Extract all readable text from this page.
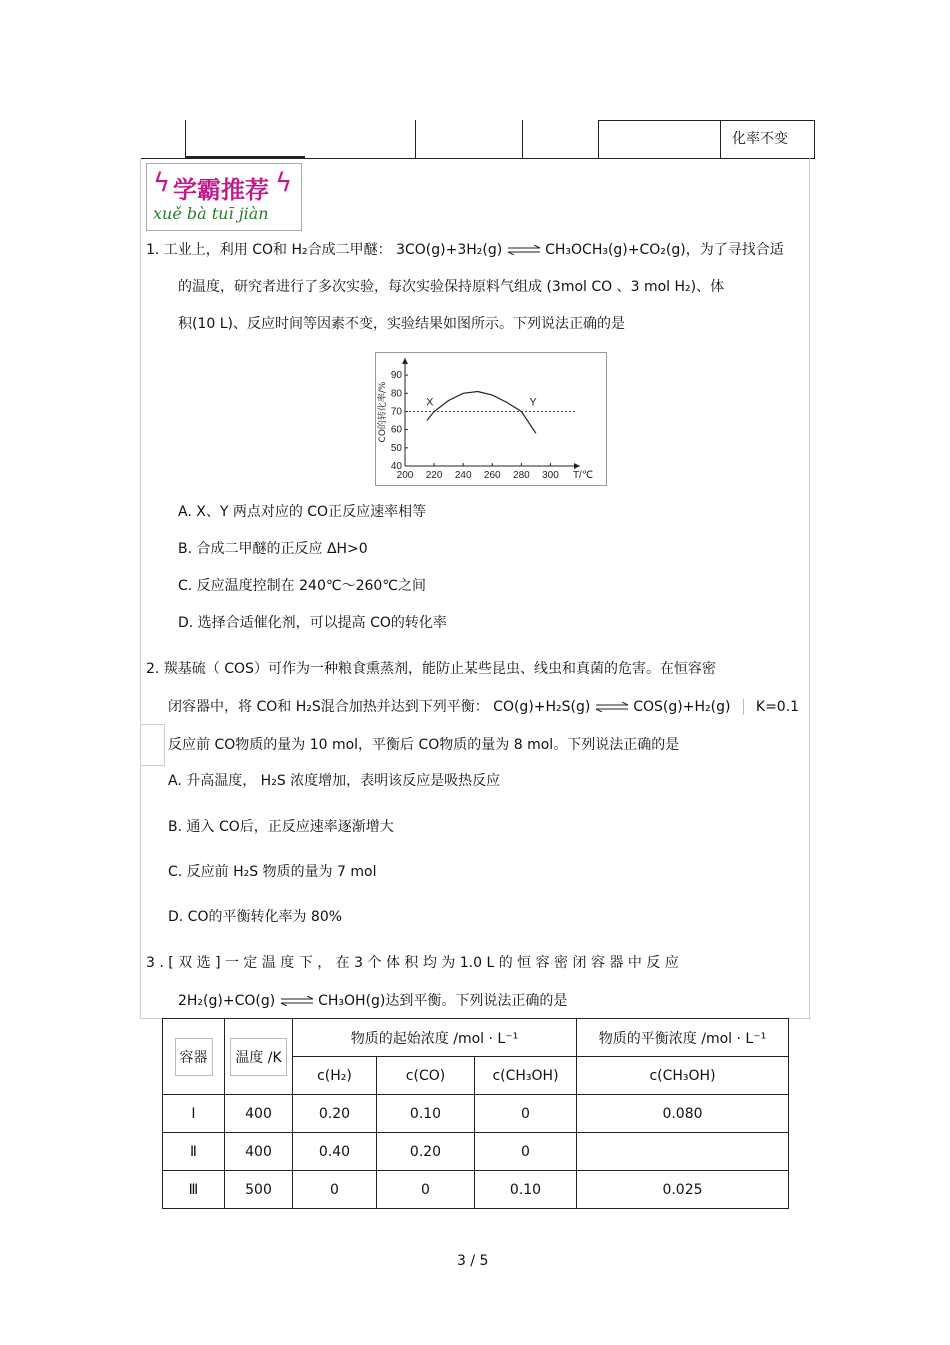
化率不变
ϟ 学霸推荐 ϟ
xuě bà tuī jiàn
1. 工业上，利用 CO和 H₂合成二甲醚： 3CO(g)+3H₂(g) ⇌ CH₃OCH₃(g)+CO₂(g)，为了寻找合适
的温度，研究者进行了多次实验，每次实验保持原料气组成 (3mol CO 、3 mol H₂)、体
积(10 L)、反应时间等因素不变，实验结果如图所示。下列说法正确的是
200 220 240 260 280 300
40
50
60
70
80
90
T/℃
CO的转化率/%	X	Y
A. X、Y 两点对应的 CO正反应速率相等
B. 合成二甲醚的正反应 ΔH>0
C. 反应温度控制在 240℃～260℃之间
D. 选择合适催化剂，可以提高 CO的转化率
2. 羰基硫（ COS）可作为一种粮食熏蒸剂，能防止某些昆虫、线虫和真菌的危害。在恒容密
闭容器中，将 CO和 H₂S混合加热并达到下列平衡： CO(g)+H₂S(g) ⇌ COS(g)+H₂(g) K=0.1
反应前 CO物质的量为 10 mol，平衡后 CO物质的量为 8 mol。下列说法正确的是
A. 升高温度， H₂S 浓度增加，表明该反应是吸热反应
B. 通入 CO后，正反应速率逐渐增大
C. 反应前 H₂S 物质的量为 7 mol
D. CO的平衡转化率为 80%
3 . [ 双 选 ] 一 定 温 度 下 ， 在 3 个 体 积 均 为 1.0 L 的 恒 容 密 闭 容 器 中 反 应
2H₂(g)+CO(g) ⇌ CH₃OH(g)达到平衡。下列说法正确的是
容器	温度 /K	物质的起始浓度 /mol · L⁻¹			物质的平衡浓度 /mol · L⁻¹
		c(H₂)	c(CO)	c(CH₃OH)	c(CH₃OH)
Ⅰ	400	0.20	0.10	0	0.080
Ⅱ	400	0.40	0.20	0	
Ⅲ	500	0	0	0.10	0.025
3 / 5
